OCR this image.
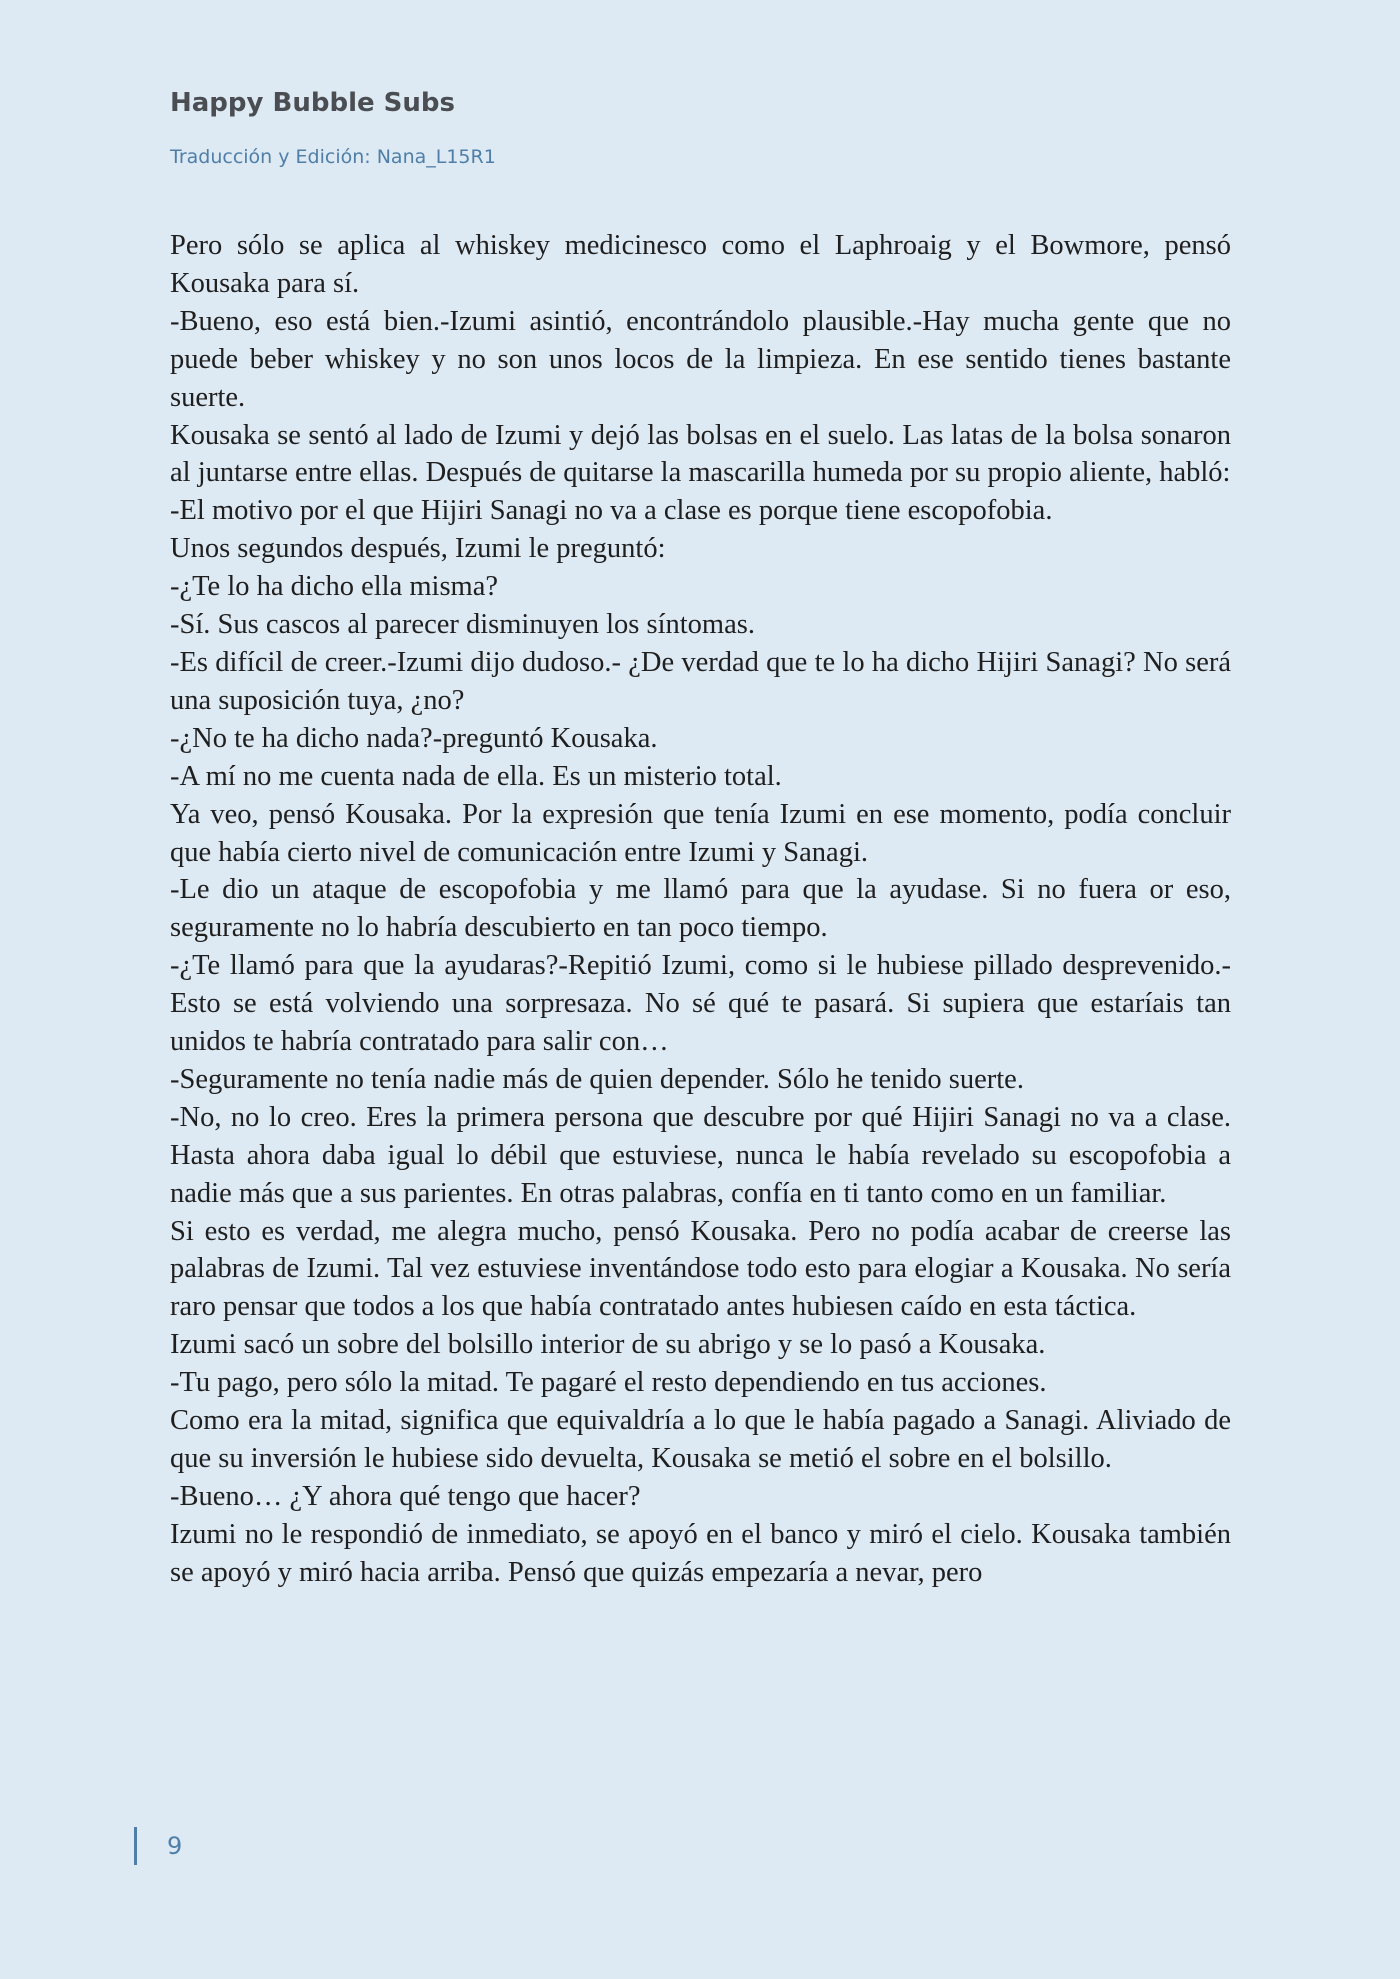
Happy Bubble Subs
Traducción y Edición: Nana_L15R1

Pero sólo se aplica al whiskey medicinesco como el Laphroaig y el Bowmore, pensó Kousaka para sí.

-Bueno, eso está bien.-Izumi asintió, encontrándolo plausible.-Hay mucha gente que no puede beber whiskey y no son unos locos de la limpieza. En ese sentido tienes bastante suerte.

Kousaka se sentó al lado de Izumi y dejó las bolsas en el suelo. Las latas de la bolsa sonaron al juntarse entre ellas. Después de quitarse la mascarilla humeda por su propio aliente, habló:

-El motivo por el que Hijiri Sanagi no va a clase es porque tiene escopofobia.

Unos segundos después, Izumi le preguntó:

-¿Te lo ha dicho ella misma?

-Sí. Sus cascos al parecer disminuyen los síntomas.

-Es difícil de creer.-Izumi dijo dudoso.- ¿De verdad que te lo ha dicho Hijiri Sanagi? No será una suposición tuya, ¿no?

-¿No te ha dicho nada?-preguntó Kousaka.

-A mí no me cuenta nada de ella. Es un misterio total.

Ya veo, pensó Kousaka. Por la expresión que tenía Izumi en ese momento, podía concluir que había cierto nivel de comunicación entre Izumi y Sanagi.

-Le dio un ataque de escopofobia y me llamó para que la ayudase. Si no fuera or eso, seguramente no lo habría descubierto en tan poco tiempo.

-¿Te llamó para que la ayudaras?-Repitió Izumi, como si le hubiese pillado desprevenido.-Esto se está volviendo una sorpresaza. No sé qué te pasará. Si supiera que estaríais tan unidos te habría contratado para salir con…

-Seguramente no tenía nadie más de quien depender. Sólo he tenido suerte.

-No, no lo creo. Eres la primera persona que descubre por qué Hijiri Sanagi no va a clase. Hasta ahora daba igual lo débil que estuviese, nunca le había revelado su escopofobia a nadie más que a sus parientes. En otras palabras, confía en ti tanto como en un familiar.

Si esto es verdad, me alegra mucho, pensó Kousaka. Pero no podía acabar de creerse las palabras de Izumi. Tal vez estuviese inventándose todo esto para elogiar a Kousaka. No sería raro pensar que todos a los que había contratado antes hubiesen caído en esta táctica.

Izumi sacó un sobre del bolsillo interior de su abrigo y se lo pasó a Kousaka.

-Tu pago, pero sólo la mitad. Te pagaré el resto dependiendo en tus acciones.

Como era la mitad, significa que equivaldría a lo que le había pagado a Sanagi. Aliviado de que su inversión le hubiese sido devuelta, Kousaka se metió el sobre en el bolsillo.

-Bueno… ¿Y ahora qué tengo que hacer?

Izumi no le respondió de inmediato, se apoyó en el banco y miró el cielo. Kousaka también se apoyó y miró hacia arriba. Pensó que quizás empezaría a nevar, pero

9
